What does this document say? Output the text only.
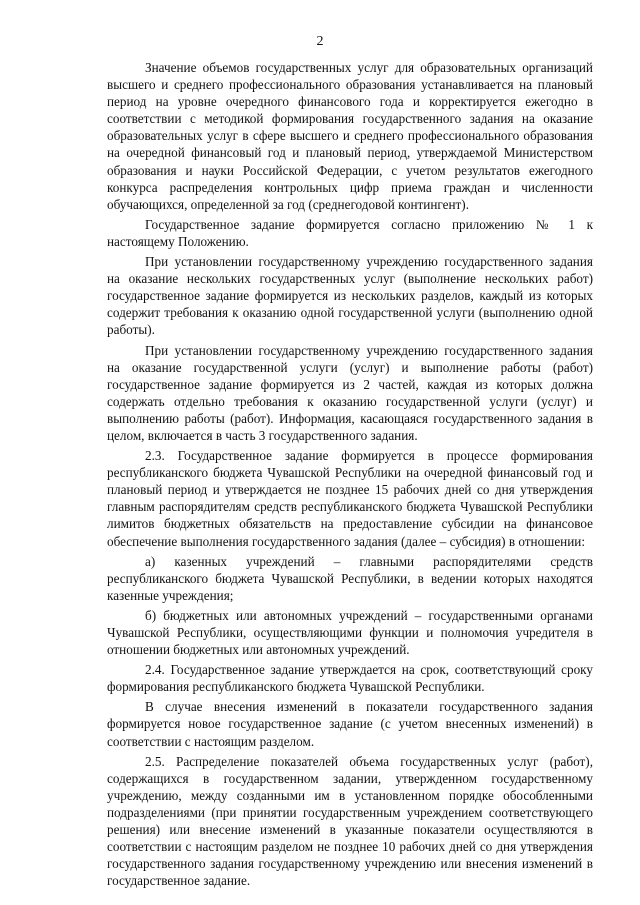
2

Значение объемов государственных услуг для образовательных организаций высшего и среднего профессионального образования устанавливается на плановый период на уровне очередного финансового года и корректируется ежегодно в соответствии с методикой формирования государственного задания на оказание образовательных услуг в сфере высшего и среднего профессионального образования на очередной финансовый год и плановый период, утверждаемой Министерством образования и науки Российской Федерации, с учетом результатов ежегодного конкурса распределения контрольных цифр приема граждан и численности обучающихся, определенной за год (среднегодовой контингент).

Государственное задание формируется согласно приложению № 1 к настоящему Положению.

При установлении государственному учреждению государственного задания на оказание нескольких государственных услуг (выполнение нескольких работ) государственное задание формируется из нескольких разделов, каждый из которых содержит требования к оказанию одной государственной услуги (выполнению одной работы).

При установлении государственному учреждению государственного задания на оказание государственной услуги (услуг) и выполнение работы (работ) государственное задание формируется из 2 частей, каждая из которых должна содержать отдельно требования к оказанию государственной услуги (услуг) и выполнению работы (работ). Информация, касающаяся государственного задания в целом, включается в часть 3 государственного задания.

2.3. Государственное задание формируется в процессе формирования республиканского бюджета Чувашской Республики на очередной финансовый год и плановый период и утверждается не позднее 15 рабочих дней со дня утверждения главным распорядителям средств республиканского бюджета Чувашской Республики лимитов бюджетных обязательств на предоставление субсидии на финансовое обеспечение выполнения государственного задания (далее – субсидия) в отношении:

а) казенных учреждений – главными распорядителями средств республиканского бюджета Чувашской Республики, в ведении которых находятся казенные учреждения;

б) бюджетных или автономных учреждений – государственными органами Чувашской Республики, осуществляющими функции и полномочия учредителя в отношении бюджетных или автономных учреждений.

2.4. Государственное задание утверждается на срок, соответствующий сроку формирования республиканского бюджета Чувашской Республики.

В случае внесения изменений в показатели государственного задания формируется новое государственное задание (с учетом внесенных изменений) в соответствии с настоящим разделом.

2.5. Распределение показателей объема государственных услуг (работ), содержащихся в государственном задании, утвержденном государственному учреждению, между созданными им в установленном порядке обособленными подразделениями (при принятии государственным учреждением соответствующего решения) или внесение изменений в указанные показатели осуществляются в соответствии с настоящим разделом не позднее 10 рабочих дней со дня утверждения государственного задания государственному учреждению или внесения изменений в государственное задание.
